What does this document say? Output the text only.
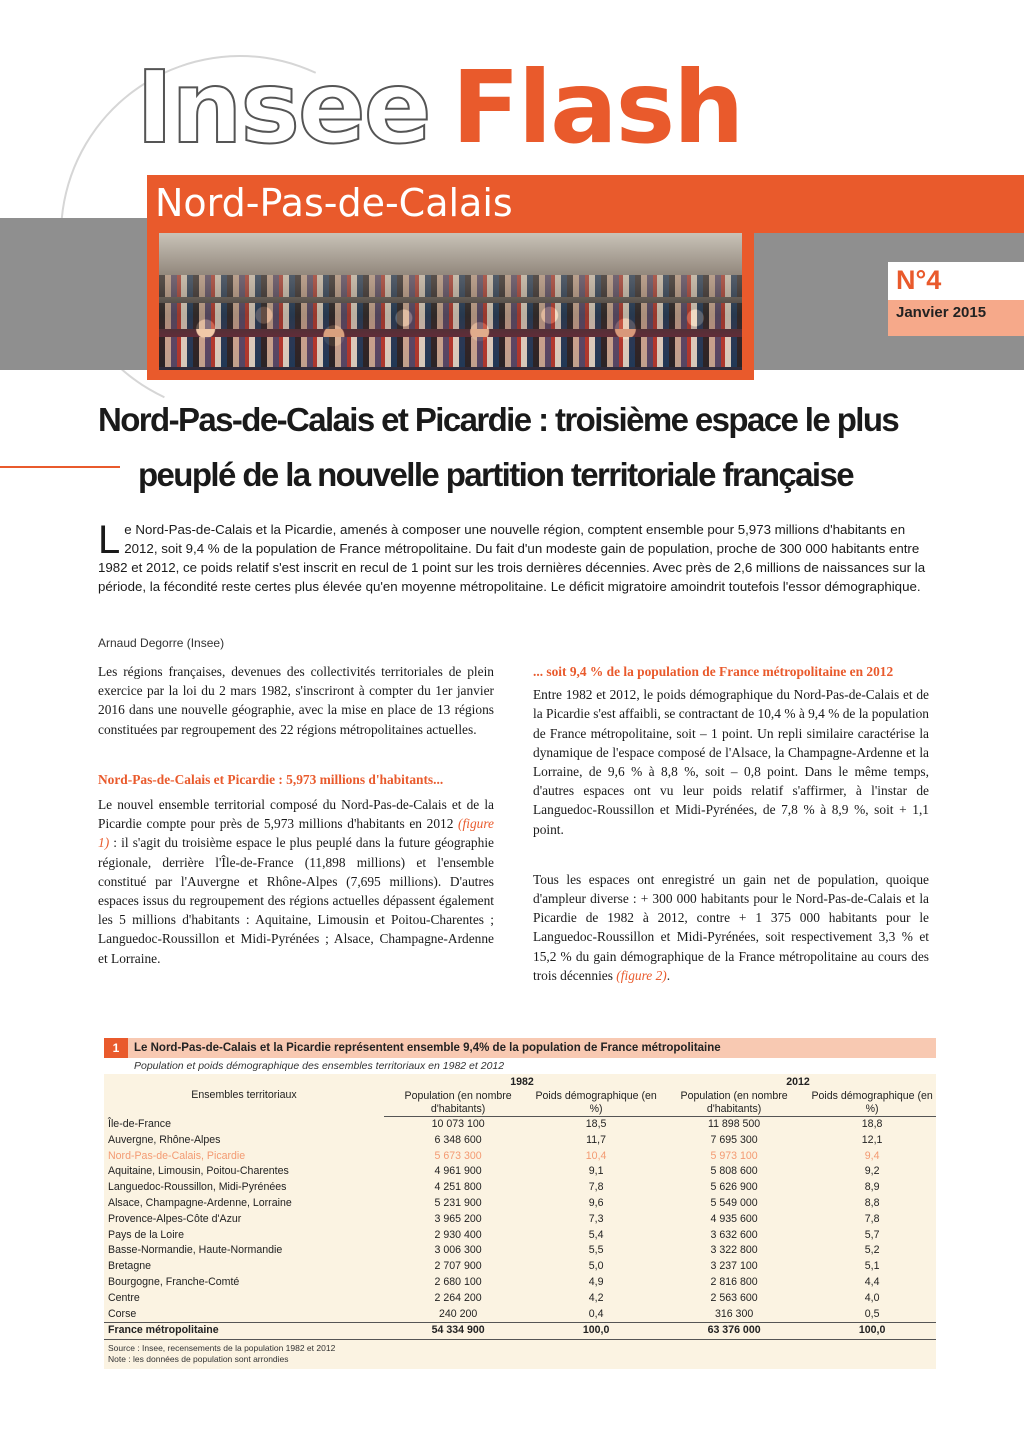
Insee Flash
Nord-Pas-de-Calais
N°4
Janvier 2015
Nord-Pas-de-Calais et Picardie : troisième espace le plus
peuplé de la nouvelle partition territoriale française
Le Nord-Pas-de-Calais et la Picardie, amenés à composer une nouvelle région, comptent ensemble pour 5,973 millions d'habitants en 2012, soit 9,4 % de la population de France métropolitaine. Du fait d'un modeste gain de population, proche de 300 000 habitants entre 1982 et 2012, ce poids relatif s'est inscrit en recul de 1 point sur les trois dernières décennies. Avec près de 2,6 millions de naissances sur la période, la fécondité reste certes plus élevée qu'en moyenne métropolitaine. Le déficit migratoire amoindrit toutefois l'essor démographique.
Arnaud Degorre (Insee)

Les régions françaises, devenues des collectivités territoriales de plein exercice par la loi du 2 mars 1982, s'inscriront à compter du 1er janvier 2016 dans une nouvelle géographie, avec la mise en place de 13 régions constituées par regroupement des 22 régions métropolitaines actuelles.

Nord-Pas-de-Calais et Picardie : 5,973 millions d'habitants...

Le nouvel ensemble territorial composé du Nord-Pas-de-Calais et de la Picardie compte pour près de 5,973 millions d'habitants en 2012 (figure 1) : il s'agit du troisième espace le plus peuplé dans la future géographie régionale, derrière l'Île-de-France (11,898 millions) et l'ensemble constitué par l'Auvergne et Rhône-Alpes (7,695 millions). D'autres espaces issus du regroupement des régions actuelles dépassent également les 5 millions d'habitants : Aquitaine, Limousin et Poitou-Charentes ; Languedoc-Roussillon et Midi-Pyrénées ; Alsace, Champagne-Ardenne et Lorraine.

... soit 9,4 % de la population de France métropolitaine en 2012

Entre 1982 et 2012, le poids démographique du Nord-Pas-de-Calais et de la Picardie s'est affaibli, se contractant de 10,4 % à 9,4 % de la population de France métropolitaine, soit – 1 point. Un repli similaire caractérise la dynamique de l'espace composé de l'Alsace, la Champagne-Ardenne et la Lorraine, de 9,6 % à 8,8 %, soit – 0,8 point. Dans le même temps, d'autres espaces ont vu leur poids relatif s'affirmer, à l'instar de Languedoc-Roussillon et Midi-Pyrénées, de 7,8 % à 8,9 %, soit + 1,1 point.

Tous les espaces ont enregistré un gain net de population, quoique d'ampleur diverse : + 300 000 habitants pour le Nord-Pas-de-Calais et la Picardie de 1982 à 2012, contre + 1 375 000 habitants pour le Languedoc-Roussillon et Midi-Pyrénées, soit respectivement 3,3 % et 15,2 % du gain démographique de la France métropolitaine au cours des trois décennies (figure 2).

1	Le Nord-Pas-de-Calais et la Picardie représentent ensemble 9,4% de la population de France métropolitaine
Population et poids démographique des ensembles territoriaux en 1982 et 2012
Ensembles territoriaux	1982		2012	
	Population (en nombre d'habitants)	Poids démographique (en %)	Population (en nombre d'habitants)	Poids démographique (en %)
Île-de-France	10 073 100	18,5	11 898 500	18,8
Auvergne, Rhône-Alpes	6 348 600	11,7	7 695 300	12,1
Nord-Pas-de-Calais, Picardie	5 673 300	10,4	5 973 100	9,4
Aquitaine, Limousin, Poitou-Charentes	4 961 900	9,1	5 808 600	9,2
Languedoc-Roussillon, Midi-Pyrénées	4 251 800	7,8	5 626 900	8,9
Alsace, Champagne-Ardenne, Lorraine	5 231 900	9,6	5 549 000	8,8
Provence-Alpes-Côte d'Azur	3 965 200	7,3	4 935 600	7,8
Pays de la Loire	2 930 400	5,4	3 632 600	5,7
Basse-Normandie, Haute-Normandie	3 006 300	5,5	3 322 800	5,2
Bretagne	2 707 900	5,0	3 237 100	5,1
Bourgogne, Franche-Comté	2 680 100	4,9	2 816 800	4,4
Centre	2 264 200	4,2	2 563 600	4,0
Corse	240 200	0,4	316 300	0,5
France métropolitaine	54 334 900	100,0	63 376 000	100,0
Source : Insee, recensements de la population 1982 et 2012
Note : les données de population sont arrondies
